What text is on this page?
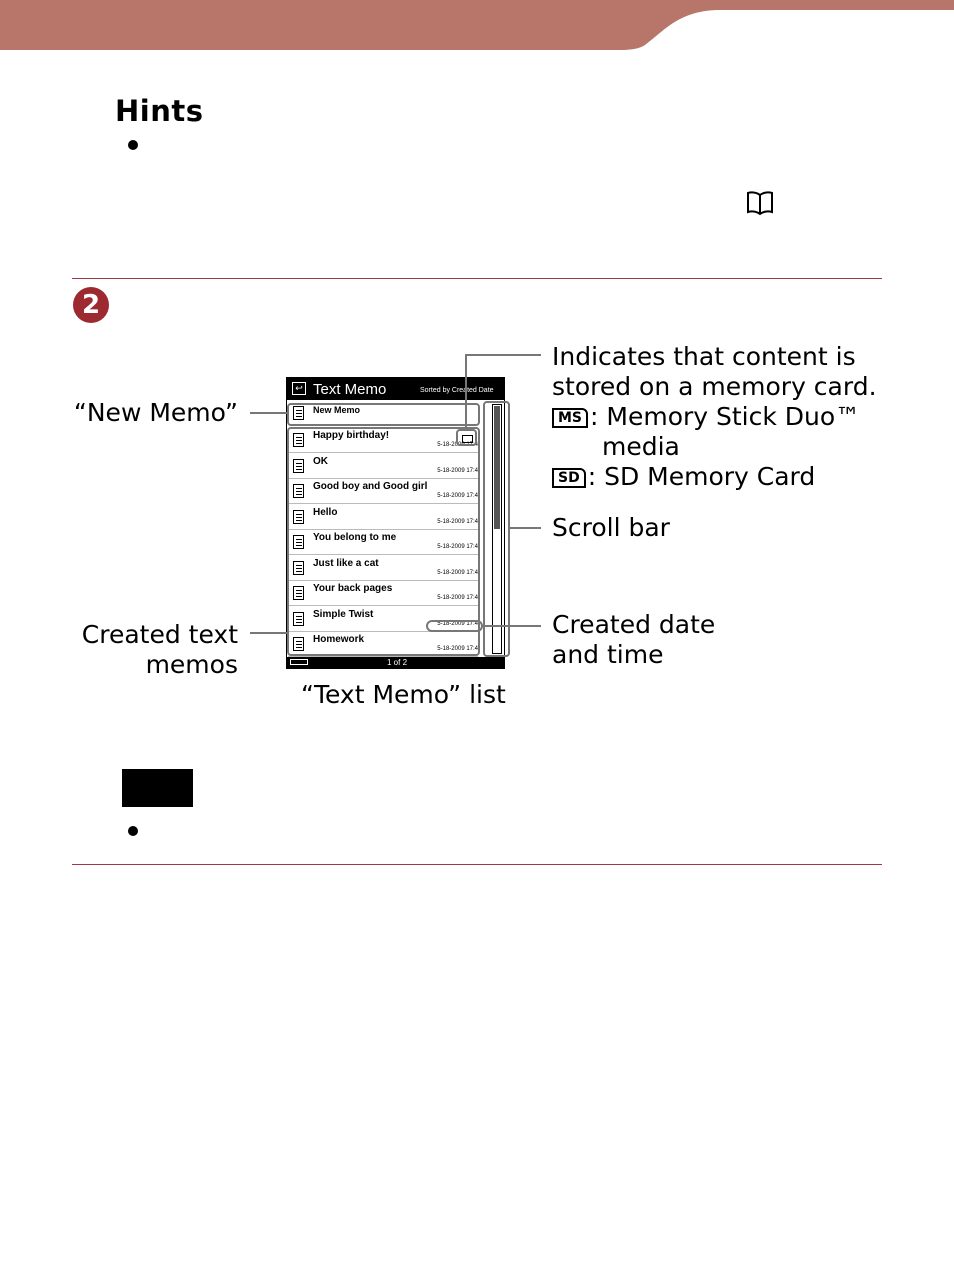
Hints
2
“New Memo”
Created text
memos
Indicates that content is
stored on a memory card.
MS : Memory Stick Duo™
media
SD : SD Memory Card
Scroll bar
Created date
and time
“Text Memo” list
↩ Text Memo	Sorted by Created Date
New Memo
Happy birthday!
5-18-2009 17:4
OK
5-18-2009 17:4
Good boy and Good girl
5-18-2009 17:4
Hello
5-18-2009 17:4
You belong to me
5-18-2009 17:4
Just like a cat
5-18-2009 17:4
Your back pages
5-18-2009 17:4
Simple Twist
5-18-2009 17:4
Homework
5-18-2009 17:4
1 of 2
